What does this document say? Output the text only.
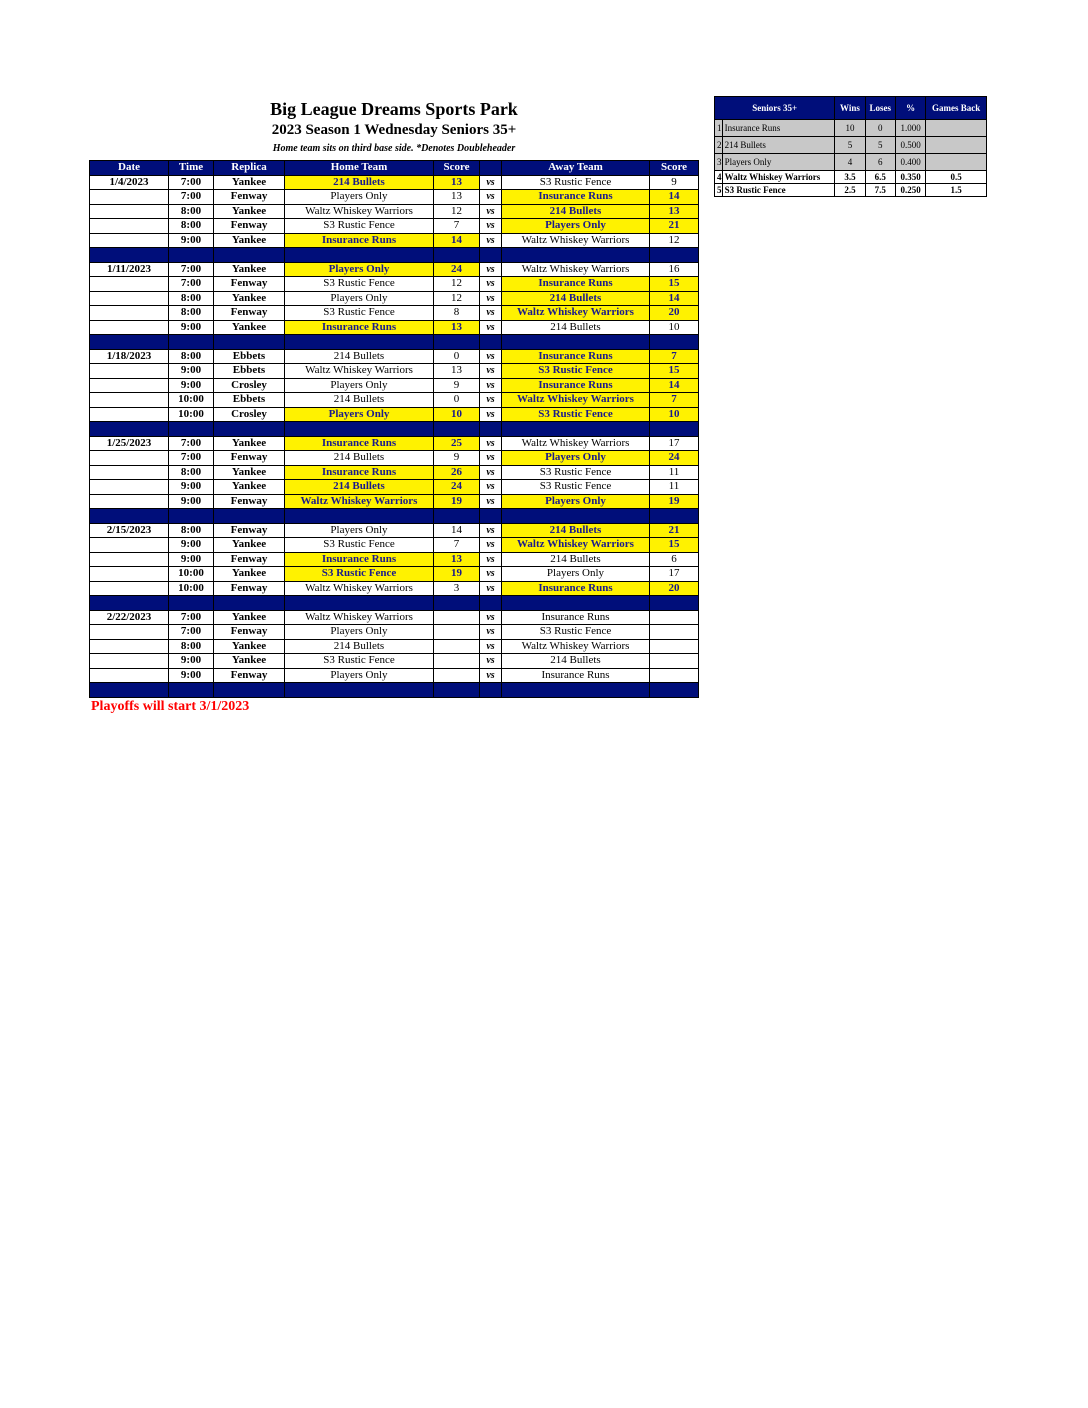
Big League Dreams Sports Park
2023 Season 1 Wednesday Seniors 35+
Home team sits on third base side. *Denotes Doubleheader
Date	Time	Replica	Home Team	Score		Away Team	Score
1/4/2023	7:00	Yankee	214 Bullets	13	vs	S3 Rustic Fence	9
	7:00	Fenway	Players Only	13	vs	Insurance Runs	14
	8:00	Yankee	Waltz Whiskey Warriors	12	vs	214 Bullets	13
	8:00	Fenway	S3 Rustic Fence	7	vs	Players Only	21
	9:00	Yankee	Insurance Runs	14	vs	Waltz Whiskey Warriors	12

1/11/2023	7:00	Yankee	Players Only	24	vs	Waltz Whiskey Warriors	16
	7:00	Fenway	S3 Rustic Fence	12	vs	Insurance Runs	15
	8:00	Yankee	Players Only	12	vs	214 Bullets	14
	8:00	Fenway	S3 Rustic Fence	8	vs	Waltz Whiskey Warriors	20
	9:00	Yankee	Insurance Runs	13	vs	214 Bullets	10

1/18/2023	8:00	Ebbets	214 Bullets	0	vs	Insurance Runs	7
	9:00	Ebbets	Waltz Whiskey Warriors	13	vs	S3 Rustic Fence	15
	9:00	Crosley	Players Only	9	vs	Insurance Runs	14
	10:00	Ebbets	214 Bullets	0	vs	Waltz Whiskey Warriors	7
	10:00	Crosley	Players Only	10	vs	S3 Rustic Fence	10

1/25/2023	7:00	Yankee	Insurance Runs	25	vs	Waltz Whiskey Warriors	17
	7:00	Fenway	214 Bullets	9	vs	Players Only	24
	8:00	Yankee	Insurance Runs	26	vs	S3 Rustic Fence	11
	9:00	Yankee	214 Bullets	24	vs	S3 Rustic Fence	11
	9:00	Fenway	Waltz Whiskey Warriors	19	vs	Players Only	19

2/15/2023	8:00	Fenway	Players Only	14	vs	214 Bullets	21
	9:00	Yankee	S3 Rustic Fence	7	vs	Waltz Whiskey Warriors	15
	9:00	Fenway	Insurance Runs	13	vs	214 Bullets	6
	10:00	Yankee	S3 Rustic Fence	19	vs	Players Only	17
	10:00	Fenway	Waltz Whiskey Warriors	3	vs	Insurance Runs	20

2/22/2023	7:00	Yankee	Waltz Whiskey Warriors		vs	Insurance Runs	
	7:00	Fenway	Players Only		vs	S3 Rustic Fence	
	8:00	Yankee	214 Bullets		vs	Waltz Whiskey Warriors	
	9:00	Yankee	S3 Rustic Fence		vs	214 Bullets	
	9:00	Fenway	Players Only		vs	Insurance Runs	

Seniors 35+		Wins	Loses	%	Games Back
1	Insurance Runs	10	0	1.000	
2	214 Bullets	5	5	0.500	
3	Players Only	4	6	0.400	
4	Waltz Whiskey Warriors	3.5	6.5	0.350	0.5
5	S3 Rustic Fence	2.5	7.5	0.250	1.5
Playoffs will start 3/1/2023
